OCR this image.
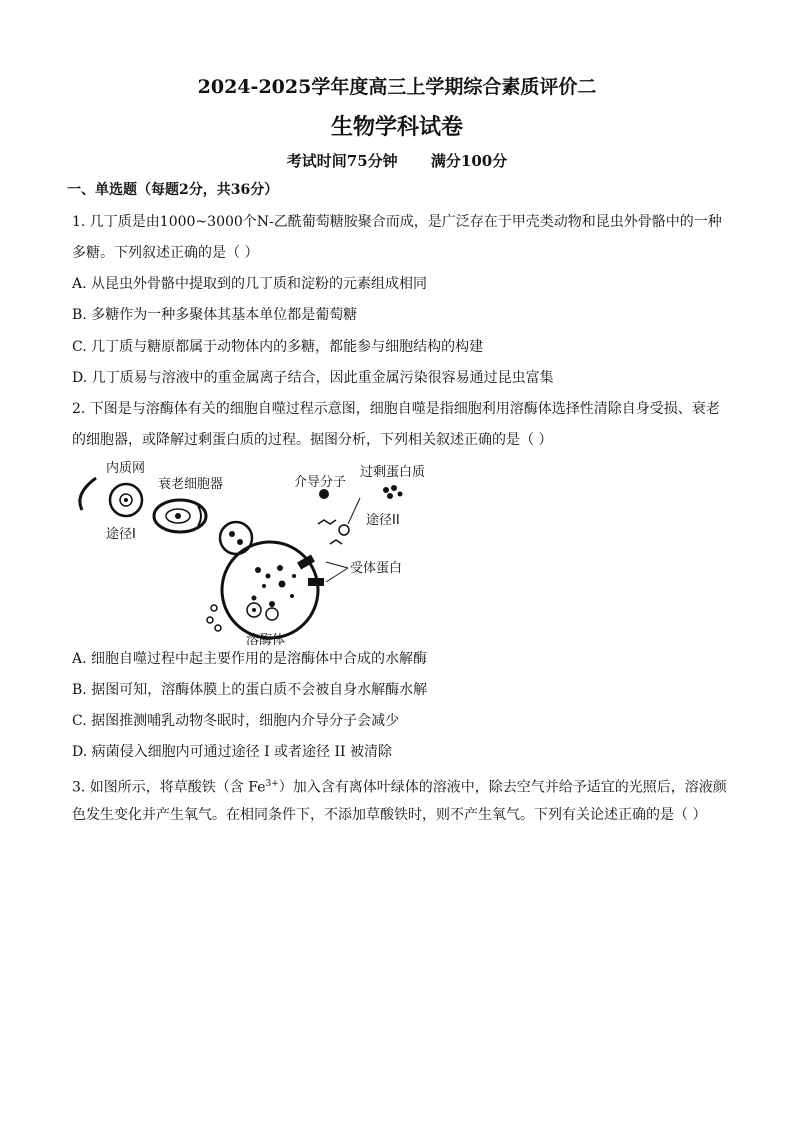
2024-2025学年度高三上学期综合素质评价二
生物学科试卷
考试时间75分钟 满分100分
一、单选题（每题2分，共36分）
1. 几丁质是由1000~3000个N-乙酰葡萄糖胺聚合而成，是广泛存在于甲壳类动物和昆虫外骨骼中的一种
多糖。下列叙述正确的是（ ）
A. 从昆虫外骨骼中提取到的几丁质和淀粉的元素组成相同
B. 多糖作为一种多聚体其基本单位都是葡萄糖
C. 几丁质与糖原都属于动物体内的多糖，都能参与细胞结构的构建
D. 几丁质易与溶液中的重金属离子结合，因此重金属污染很容易通过昆虫富集
2. 下图是与溶酶体有关的细胞自噬过程示意图，细胞自噬是指细胞利用溶酶体选择性清除自身受损、衰老
的细胞器，或降解过剩蛋白质的过程。据图分析，下列相关叙述正确的是（ ）
内质网
衰老细胞器
途径I
介导分子
过剩蛋白质
途径II
受体蛋白
溶酶体
A. 细胞自噬过程中起主要作用的是溶酶体中合成的水解酶
B. 据图可知，溶酶体膜上的蛋白质不会被自身水解酶水解
C. 据图推测哺乳动物冬眠时，细胞内介导分子会减少
D. 病菌侵入细胞内可通过途径 I 或者途径 II 被清除
3. 如图所示，将草酸铁（含 $Fe^{3+}$）加入含有离体叶绿体的溶液中，除去空气并给予适宜的光照后，溶液颜
色发生变化并产生氧气。在相同条件下，不添加草酸铁时，则不产生氧气。下列有关论述正确的是（ ）
